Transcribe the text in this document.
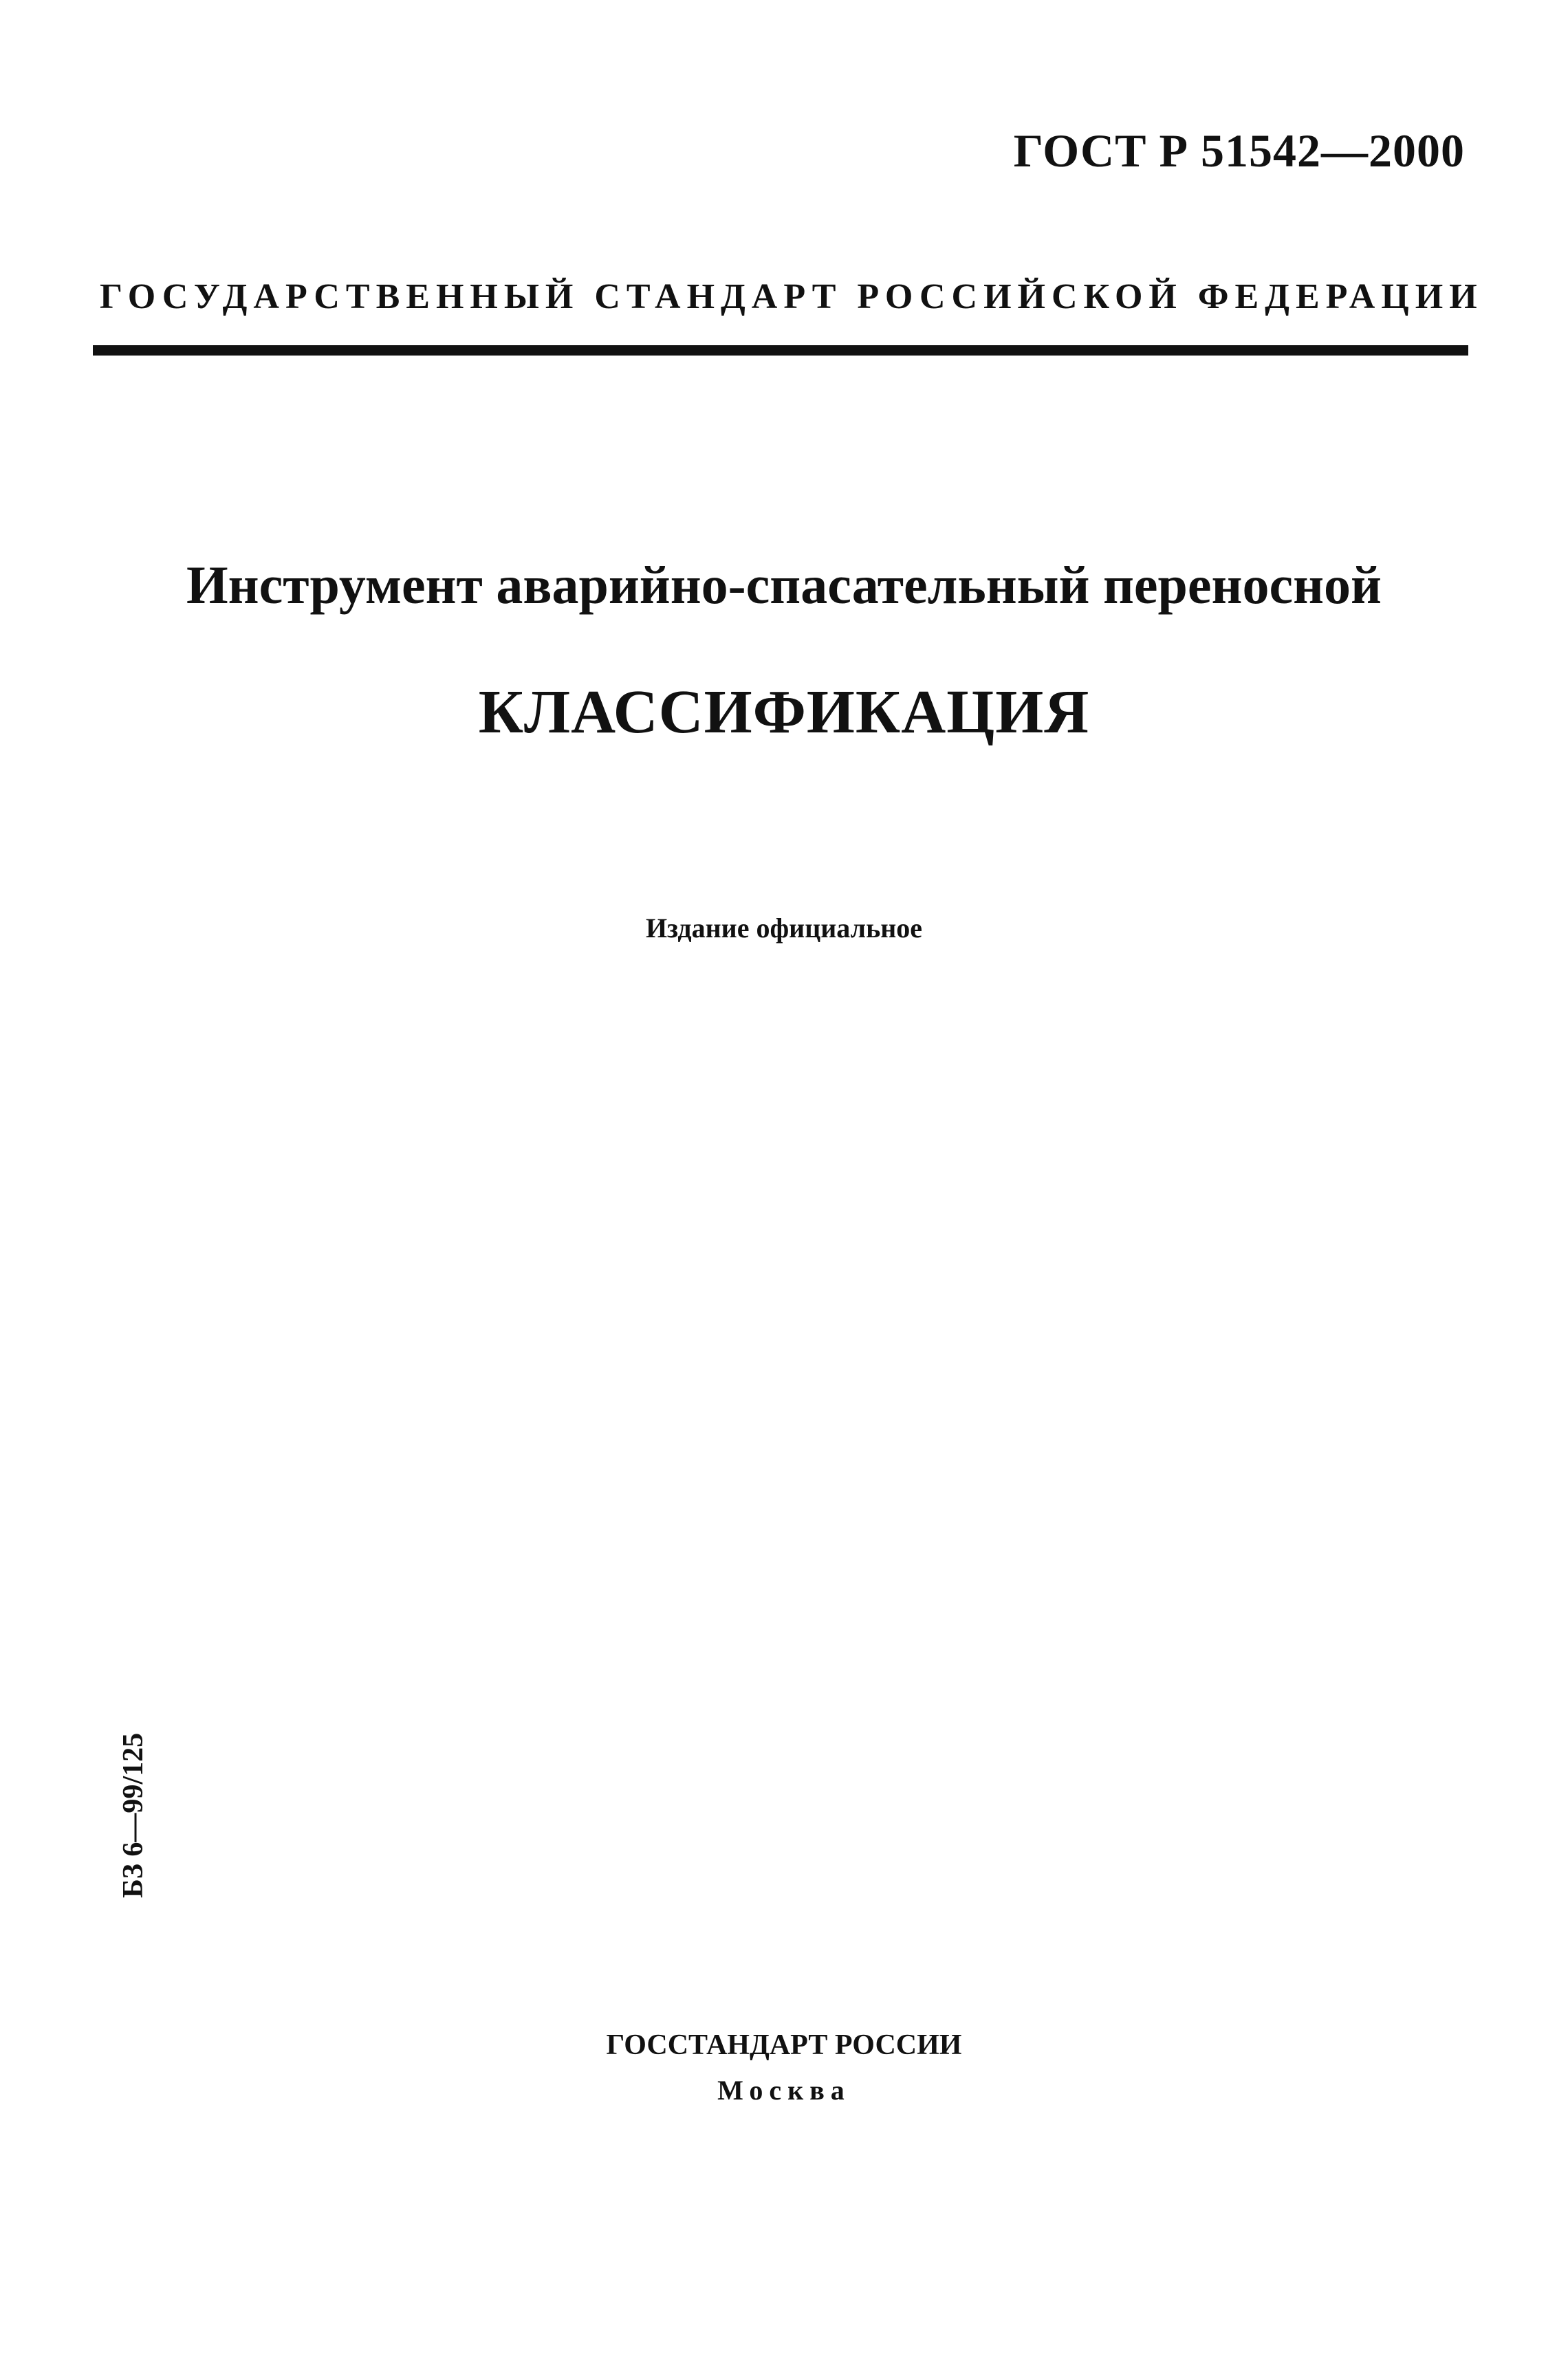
ГОСТ Р 51542—2000
ГОСУДАРСТВЕННЫЙ СТАНДАРТ РОССИЙСКОЙ ФЕДЕРАЦИИ
Инструмент аварийно-спасательный переносной
КЛАССИФИКАЦИЯ
Издание официальное
БЗ 6—99/125
ГОССТАНДАРТ РОССИИ
Москва
